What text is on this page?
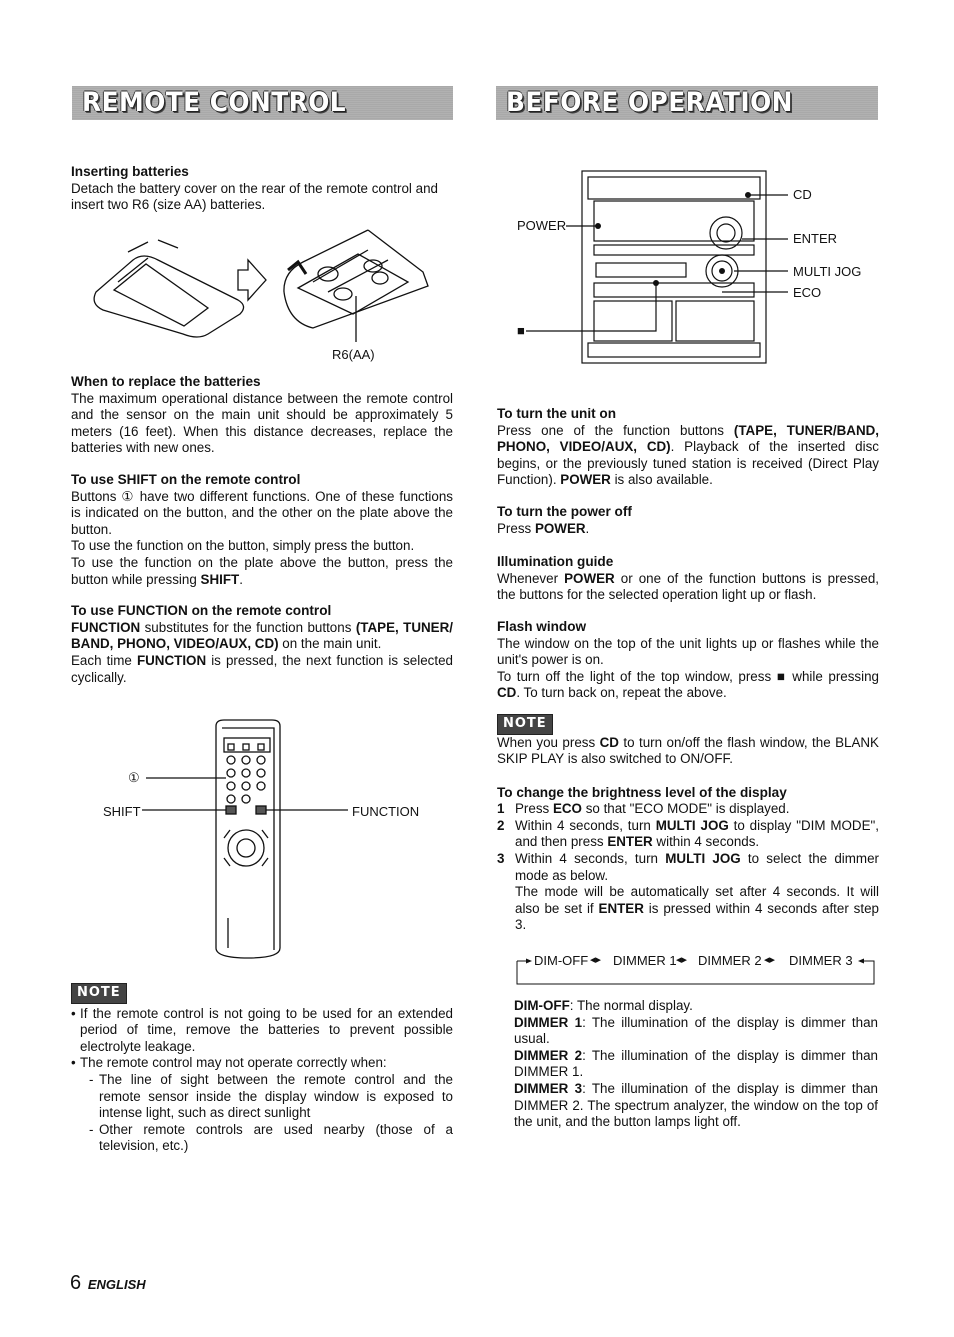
REMOTE CONTROL	BEFORE OPERATION
Inserting batteries

Detach the battery cover on the rear of the remote control and insert two R6 (size AA) batteries.

R6(AA)
When to replace the batteries

The maximum operational distance between the remote control and the sensor on the main unit should be approximately 5 meters (16 feet). When this distance decreases, replace the batteries with new ones.

To use SHIFT on the remote control

Buttons ① have two different functions. One of these functions is indicated on the button, and the other on the plate above the button.

To use the function on the button, simply press the button.

To use the function on the plate above the button, press the button while pressing SHIFT.

To use FUNCTION on the remote control

FUNCTION substitutes for the function buttons (TAPE, TUNER/ BAND, PHONO, VIDEO/AUX, CD) on the main unit.

Each time FUNCTION is pressed, the next function is selected cyclically.

①
SHIFT	FUNCTION
NOTE
• If the remote control is not going to be used for an extended period of time, remove the batteries to prevent possible electrolyte leakage.
• The remote control may not operate correctly when:
- The line of sight between the remote control and the remote sensor inside the display window is exposed to intense light, such as direct sunlight
- Other remote controls are used nearby (those of a television, etc.)
CD
POWER
ENTER
MULTI JOG
ECO
■
To turn the unit on

Press one of the function buttons (TAPE, TUNER/BAND, PHONO, VIDEO/AUX, CD). Playback of the inserted disc begins, or the previously tuned station is received (Direct Play Function). POWER is also available.

To turn the power off

Press POWER.

Illumination guide

Whenever POWER or one of the function buttons is pressed, the buttons for the selected operation light up or flash.

Flash window

The window on the top of the unit lights up or flashes while the unit's power is on.

To turn off the light of the top window, press ■ while pressing CD. To turn back on, repeat the above.

NOTE

When you press CD to turn on/off the flash window, the BLANK SKIP PLAY is also switched to ON/OFF.

To change the brightness level of the display
1 Press ECO so that "ECO MODE" is displayed.
2 Within 4 seconds, turn MULTI JOG to display "DIM MODE", and then press ENTER within 4 seconds.
3 Within 4 seconds, turn MULTI JOG to select the dimmer mode as below.

The mode will be automatically set after 4 seconds. It will also be set if ENTER is pressed within 4 seconds after step 3.

DIM-OFF ◂▸ DIMMER 1 ◂▸ DIMMER 2 ◂▸ DIMMER 3

DIM-OFF: The normal display.

DIMMER 1: The illumination of the display is dimmer than usual.

DIMMER 2: The illumination of the display is dimmer than DIMMER 1.

DIMMER 3: The illumination of the display is dimmer than DIMMER 2. The spectrum analyzer, the window on the top of the unit, and the button lamps light off.

6 ENGLISH
